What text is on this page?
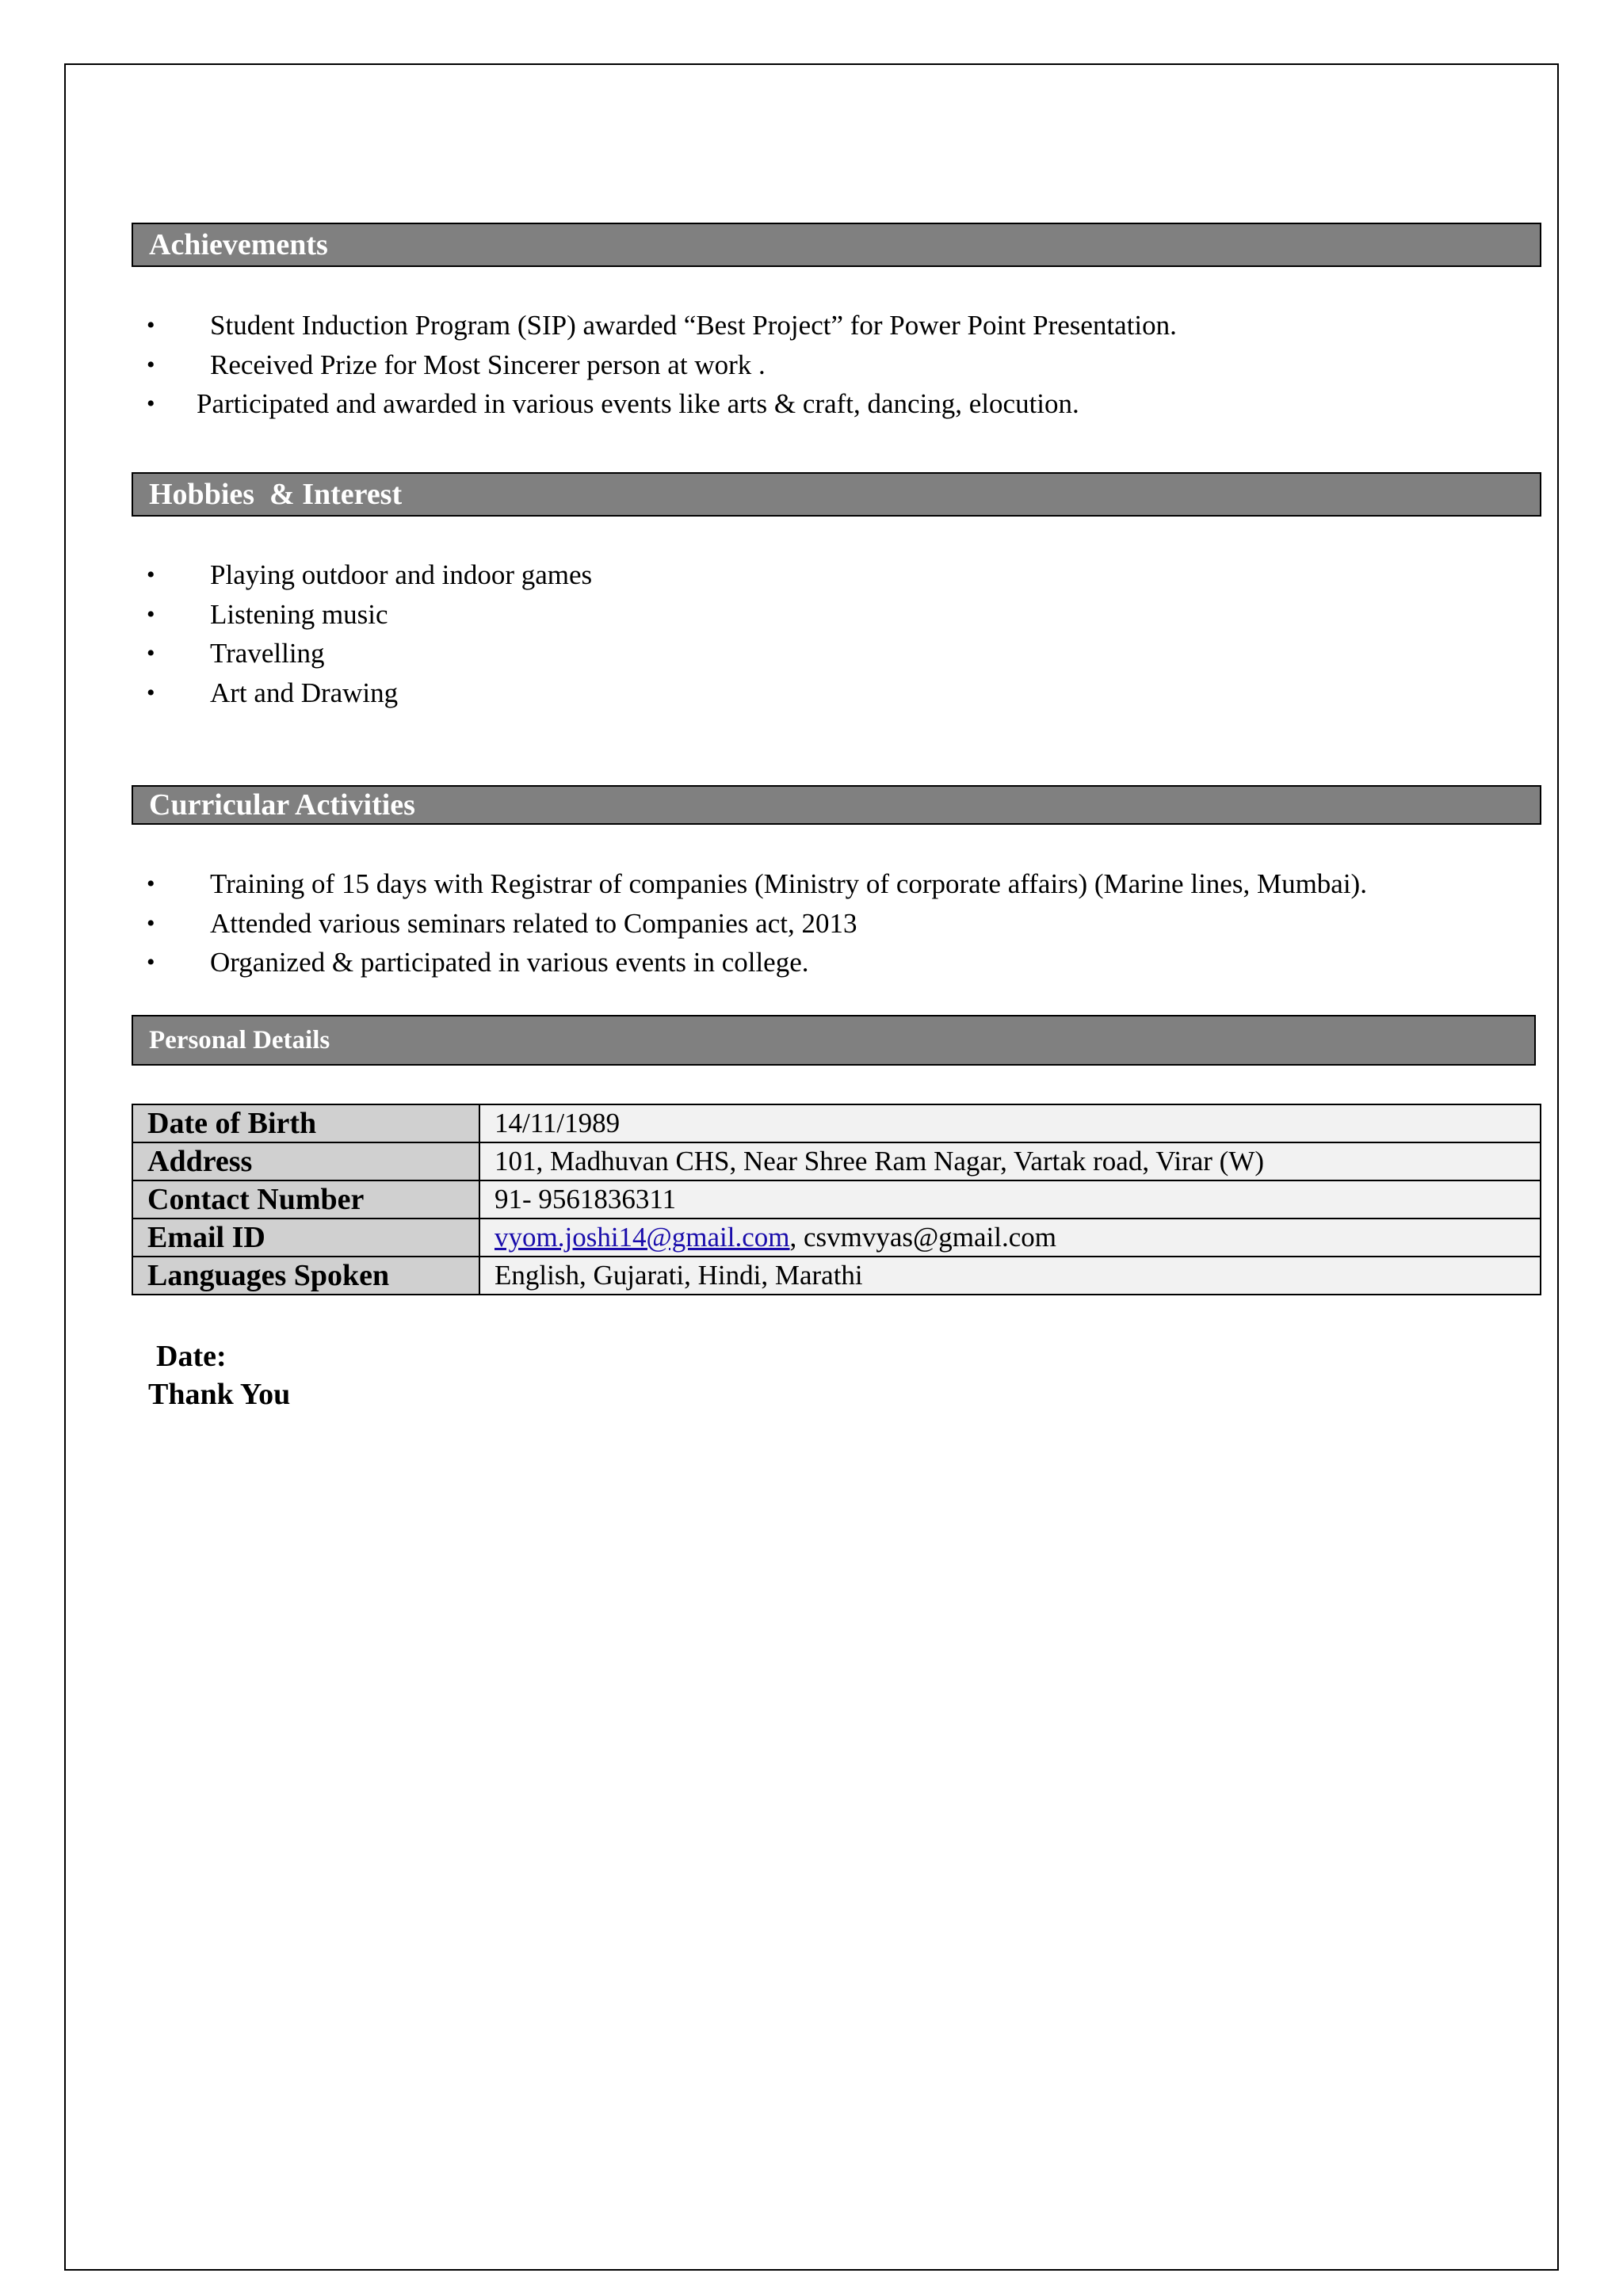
Achievements
• Student Induction Program (SIP) awarded “Best Project” for Power Point Presentation.
• Received Prize for Most Sincerer person at work .
• Participated and awarded in various events like arts & craft, dancing, elocution.
Hobbies  & Interest
• Playing outdoor and indoor games
• Listening music
• Travelling
• Art and Drawing
Curricular Activities
• Training of 15 days with Registrar of companies (Ministry of corporate affairs) (Marine lines, Mumbai).
• Attended various seminars related to Companies act, 2013
• Organized & participated in various events in college.
Personal Details
Date of Birth	14/11/1989
Address	101, Madhuvan CHS, Near Shree Ram Nagar, Vartak road, Virar (W)
Contact Number	91- 9561836311
Email ID	vyom.joshi14@gmail.com, csvmvyas@gmail.com
Languages Spoken	English, Gujarati, Hindi, Marathi
Date:
Thank You
